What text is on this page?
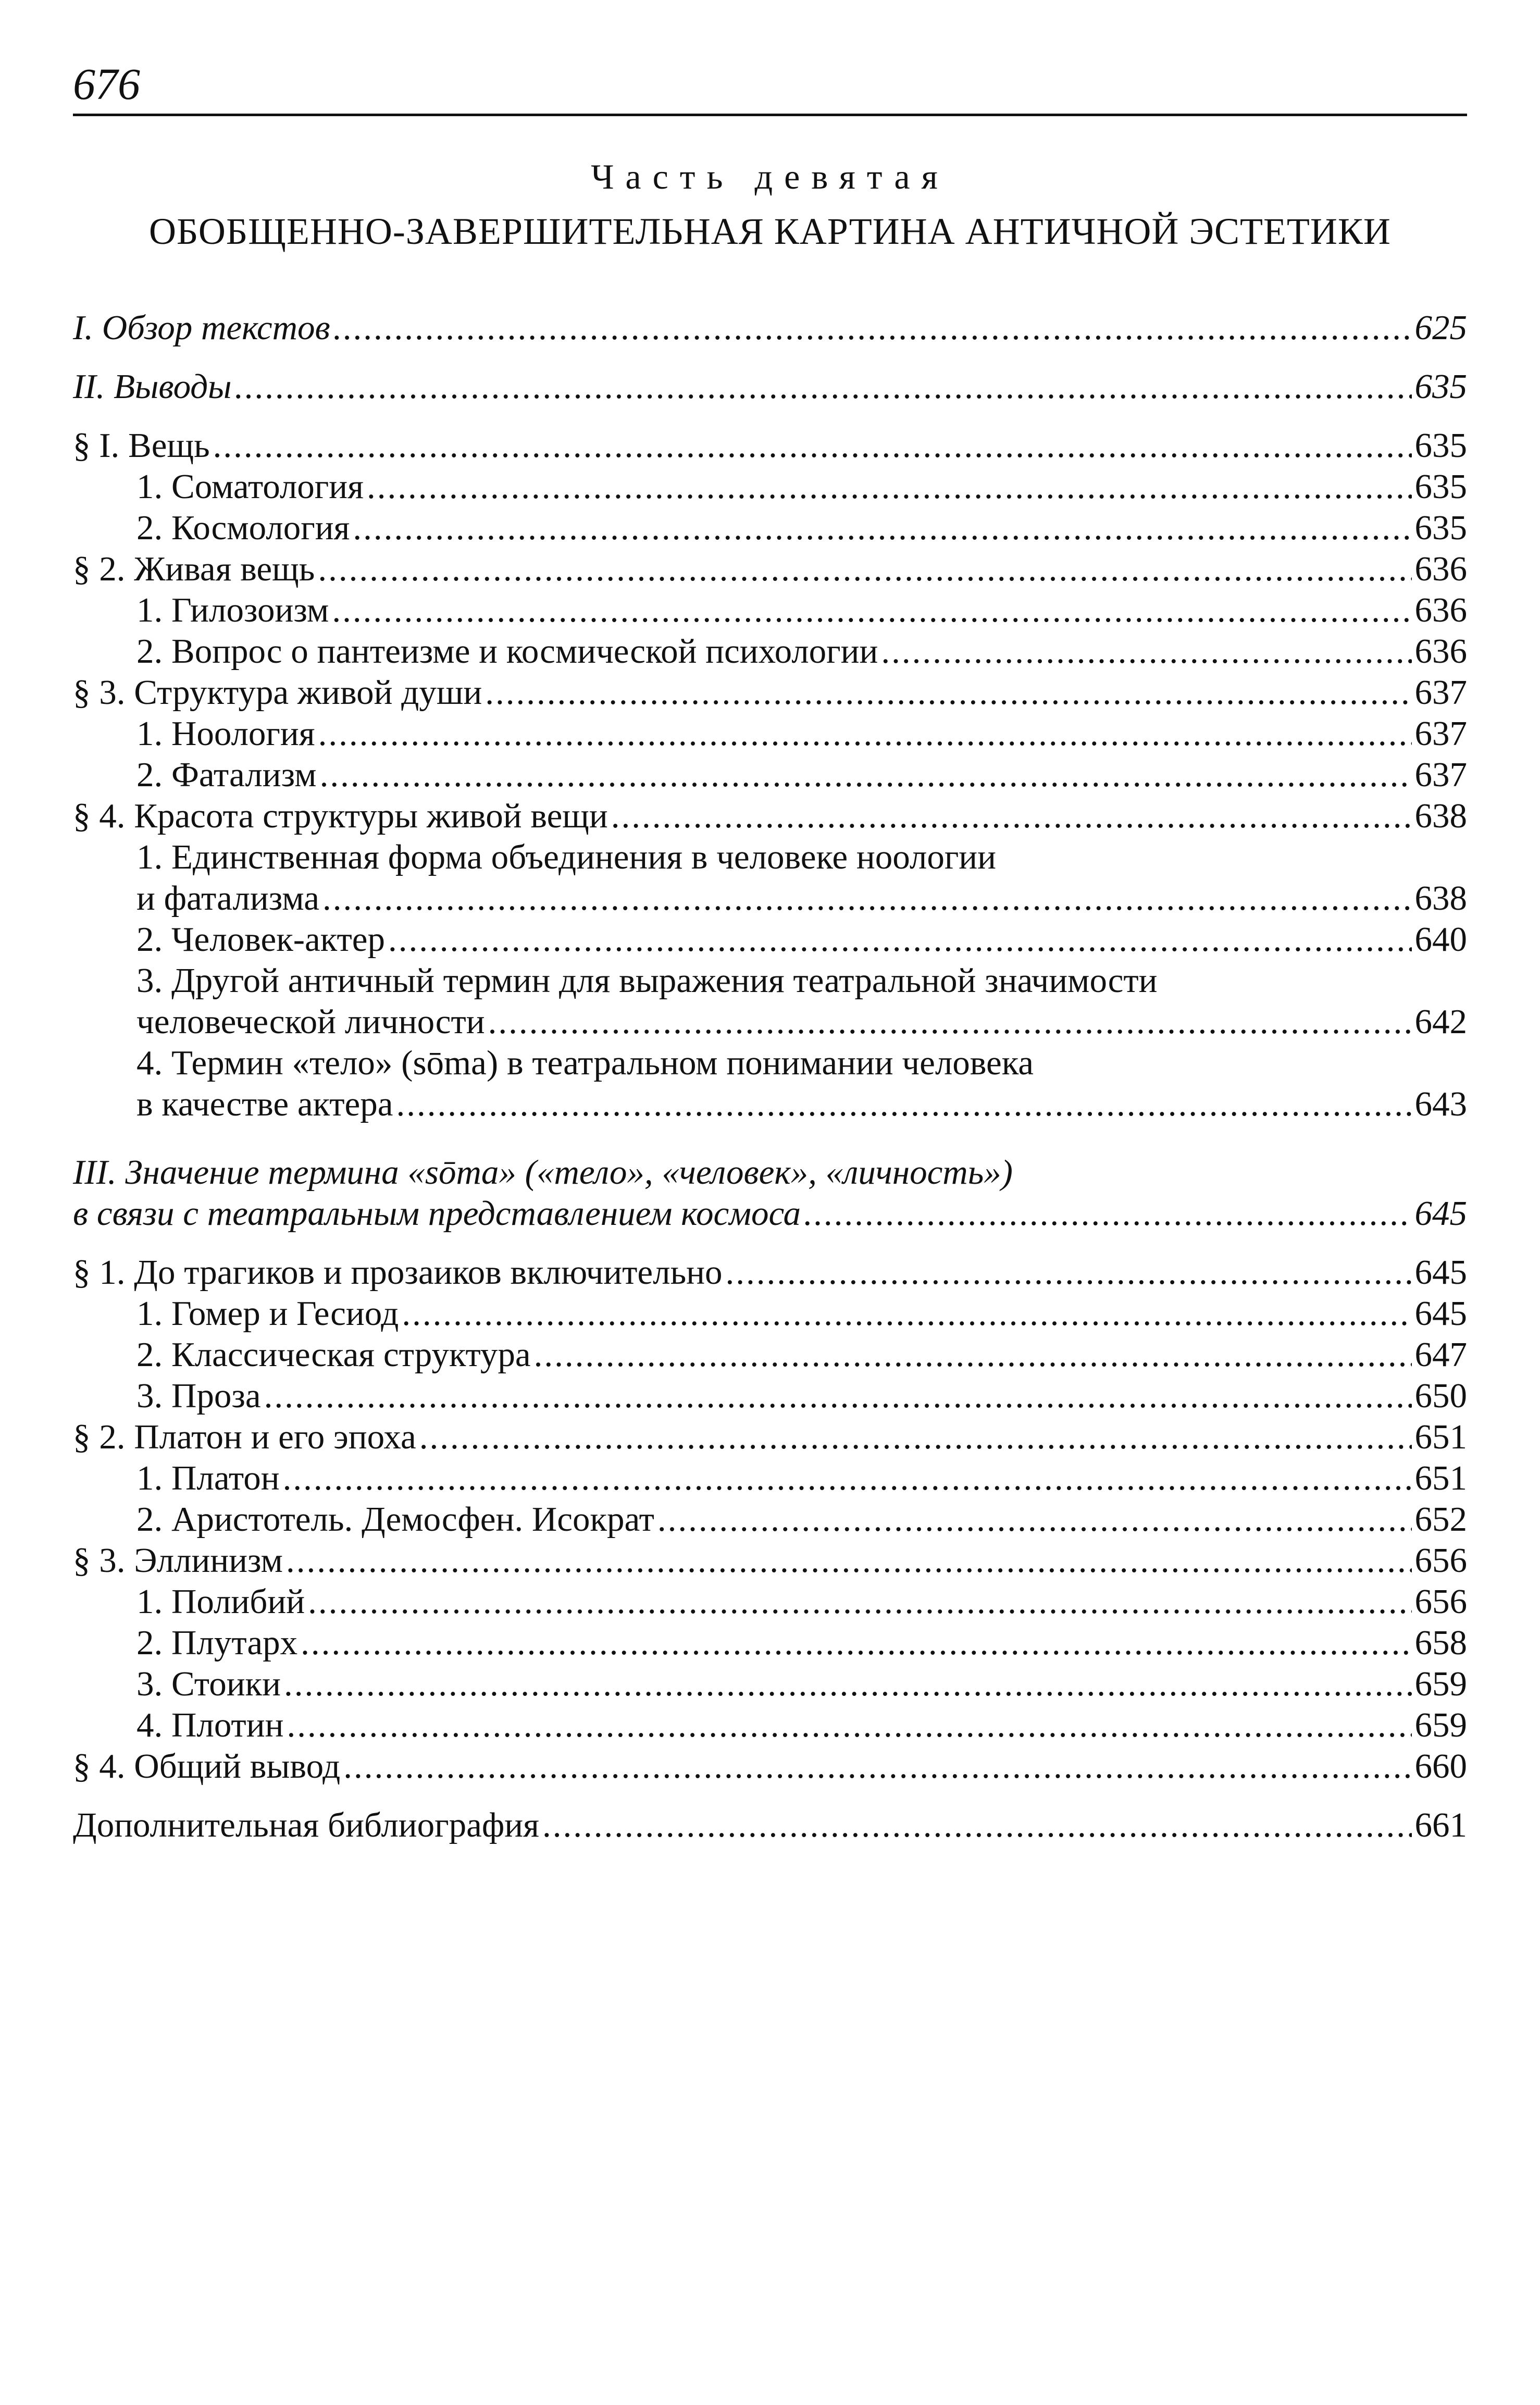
676
Часть девятая
ОБОБЩЕННО-ЗАВЕРШИТЕЛЬНАЯ КАРТИНА АНТИЧНОЙ ЭСТЕТИКИ
I. Обзор текстов .....	625
II. Выводы .....	635
§ I. Вещь .....	635
1. Соматология .....	635
2. Космология .....	635
§ 2. Живая вещь .....	636
1. Гилозоизм .....	636
2. Вопрос о пантеизме и космической психологии .....	636
§ 3. Структура живой души .....	637
1. Ноология .....	637
2. Фатализм .....	637
§ 4. Красота структуры живой вещи .....	638
1. Единственная форма объединения в человеке ноологии
и фатализма .....	638
2. Человек-актер .....	640
3. Другой античный термин для выражения театральной значимости
человеческой личности .....	642
4. Термин «тело» (sōma) в театральном понимании человека
в качестве актера .....	643
III. Значение термина «sōma» («тело», «человек», «личность»)
в связи с театральным представлением космоса .....	645
§ 1. До трагиков и прозаиков включительно .....	645
1. Гомер и Гесиод .....	645
2. Классическая структура .....	647
3. Проза .....	650
§ 2. Платон и его эпоха .....	651
1. Платон .....	651
2. Аристотель. Демосфен. Исократ .....	652
§ 3. Эллинизм .....	656
1. Полибий .....	656
2. Плутарх .....	658
3. Стоики .....	659
4. Плотин .....	659
§ 4. Общий вывод .....	660
Дополнительная библиография .....	661
